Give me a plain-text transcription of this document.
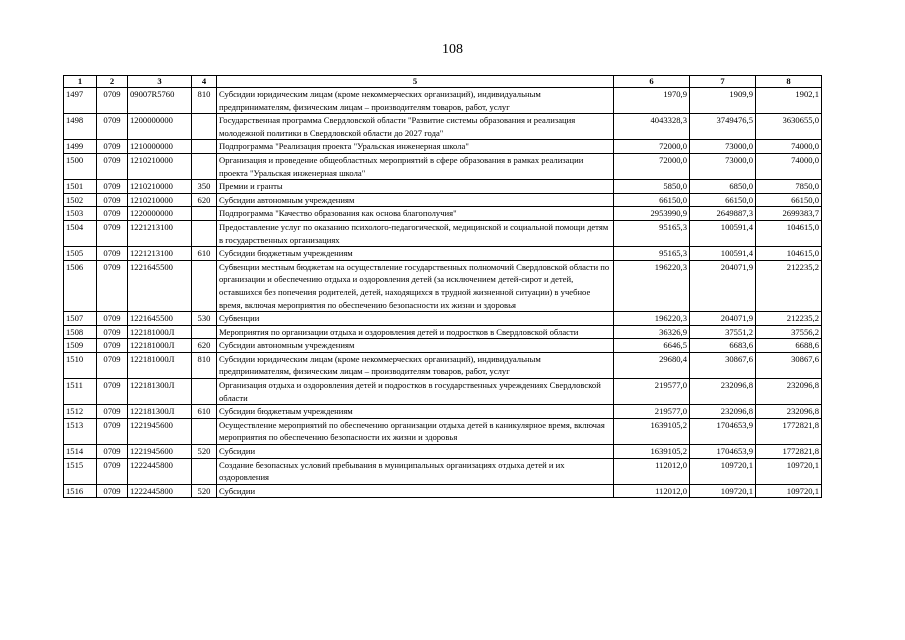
108
1	2	3	4	5	6	7	8
1497	0709	09007R5760	810	Субсидии юридическим лицам (кроме некоммерческих организаций), индивидуальным предпринимателям, физическим лицам – производителям товаров, работ, услуг	1970,9	1909,9	1902,1
1498	0709	1200000000		Государственная программа Свердловской области "Развитие системы образования и реализация молодежной политики в Свердловской области до 2027 года"	4043328,3	3749476,5	3630655,0
1499	0709	1210000000		Подпрограмма "Реализация проекта "Уральская инженерная школа"	72000,0	73000,0	74000,0
1500	0709	1210210000		Организация и проведение общеобластных мероприятий в сфере образования в рамках реализации проекта "Уральская инженерная школа"	72000,0	73000,0	74000,0
1501	0709	1210210000	350	Премии и гранты	5850,0	6850,0	7850,0
1502	0709	1210210000	620	Субсидии автономным учреждениям	66150,0	66150,0	66150,0
1503	0709	1220000000		Подпрограмма "Качество образования как основа благополучия"	2953990,9	2649887,3	2699383,7
1504	0709	1221213100		Предоставление услуг по оказанию психолого-педагогической, медицинской и социальной помощи детям в государственных организациях	95165,3	100591,4	104615,0
1505	0709	1221213100	610	Субсидии бюджетным учреждениям	95165,3	100591,4	104615,0
1506	0709	1221645500		Субвенции местным бюджетам на осуществление государственных полномочий Свердловской области по организации и обеспечению отдыха и оздоровления детей (за исключением детей-сирот и детей, оставшихся без попечения родителей, детей, находящихся в трудной жизненной ситуации) в учебное время, включая мероприятия по обеспечению безопасности их жизни и здоровья	196220,3	204071,9	212235,2
1507	0709	1221645500	530	Субвенции	196220,3	204071,9	212235,2
1508	0709	122181000Л		Мероприятия по организации отдыха и оздоровления детей и подростков в Свердловской области	36326,9	37551,2	37556,2
1509	0709	122181000Л	620	Субсидии автономным учреждениям	6646,5	6683,6	6688,6
1510	0709	122181000Л	810	Субсидии юридическим лицам (кроме некоммерческих организаций), индивидуальным предпринимателям, физическим лицам – производителям товаров, работ, услуг	29680,4	30867,6	30867,6
1511	0709	122181300Л		Организация отдыха и оздоровления детей и подростков в государственных учреждениях Свердловской области	219577,0	232096,8	232096,8
1512	0709	122181300Л	610	Субсидии бюджетным учреждениям	219577,0	232096,8	232096,8
1513	0709	1221945600		Осуществление мероприятий по обеспечению организации отдыха детей в каникулярное время, включая мероприятия по обеспечению безопасности их жизни и здоровья	1639105,2	1704653,9	1772821,8
1514	0709	1221945600	520	Субсидии	1639105,2	1704653,9	1772821,8
1515	0709	1222445800		Создание безопасных условий пребывания в муниципальных организациях отдыха детей и их оздоровления	112012,0	109720,1	109720,1
1516	0709	1222445800	520	Субсидии	112012,0	109720,1	109720,1
